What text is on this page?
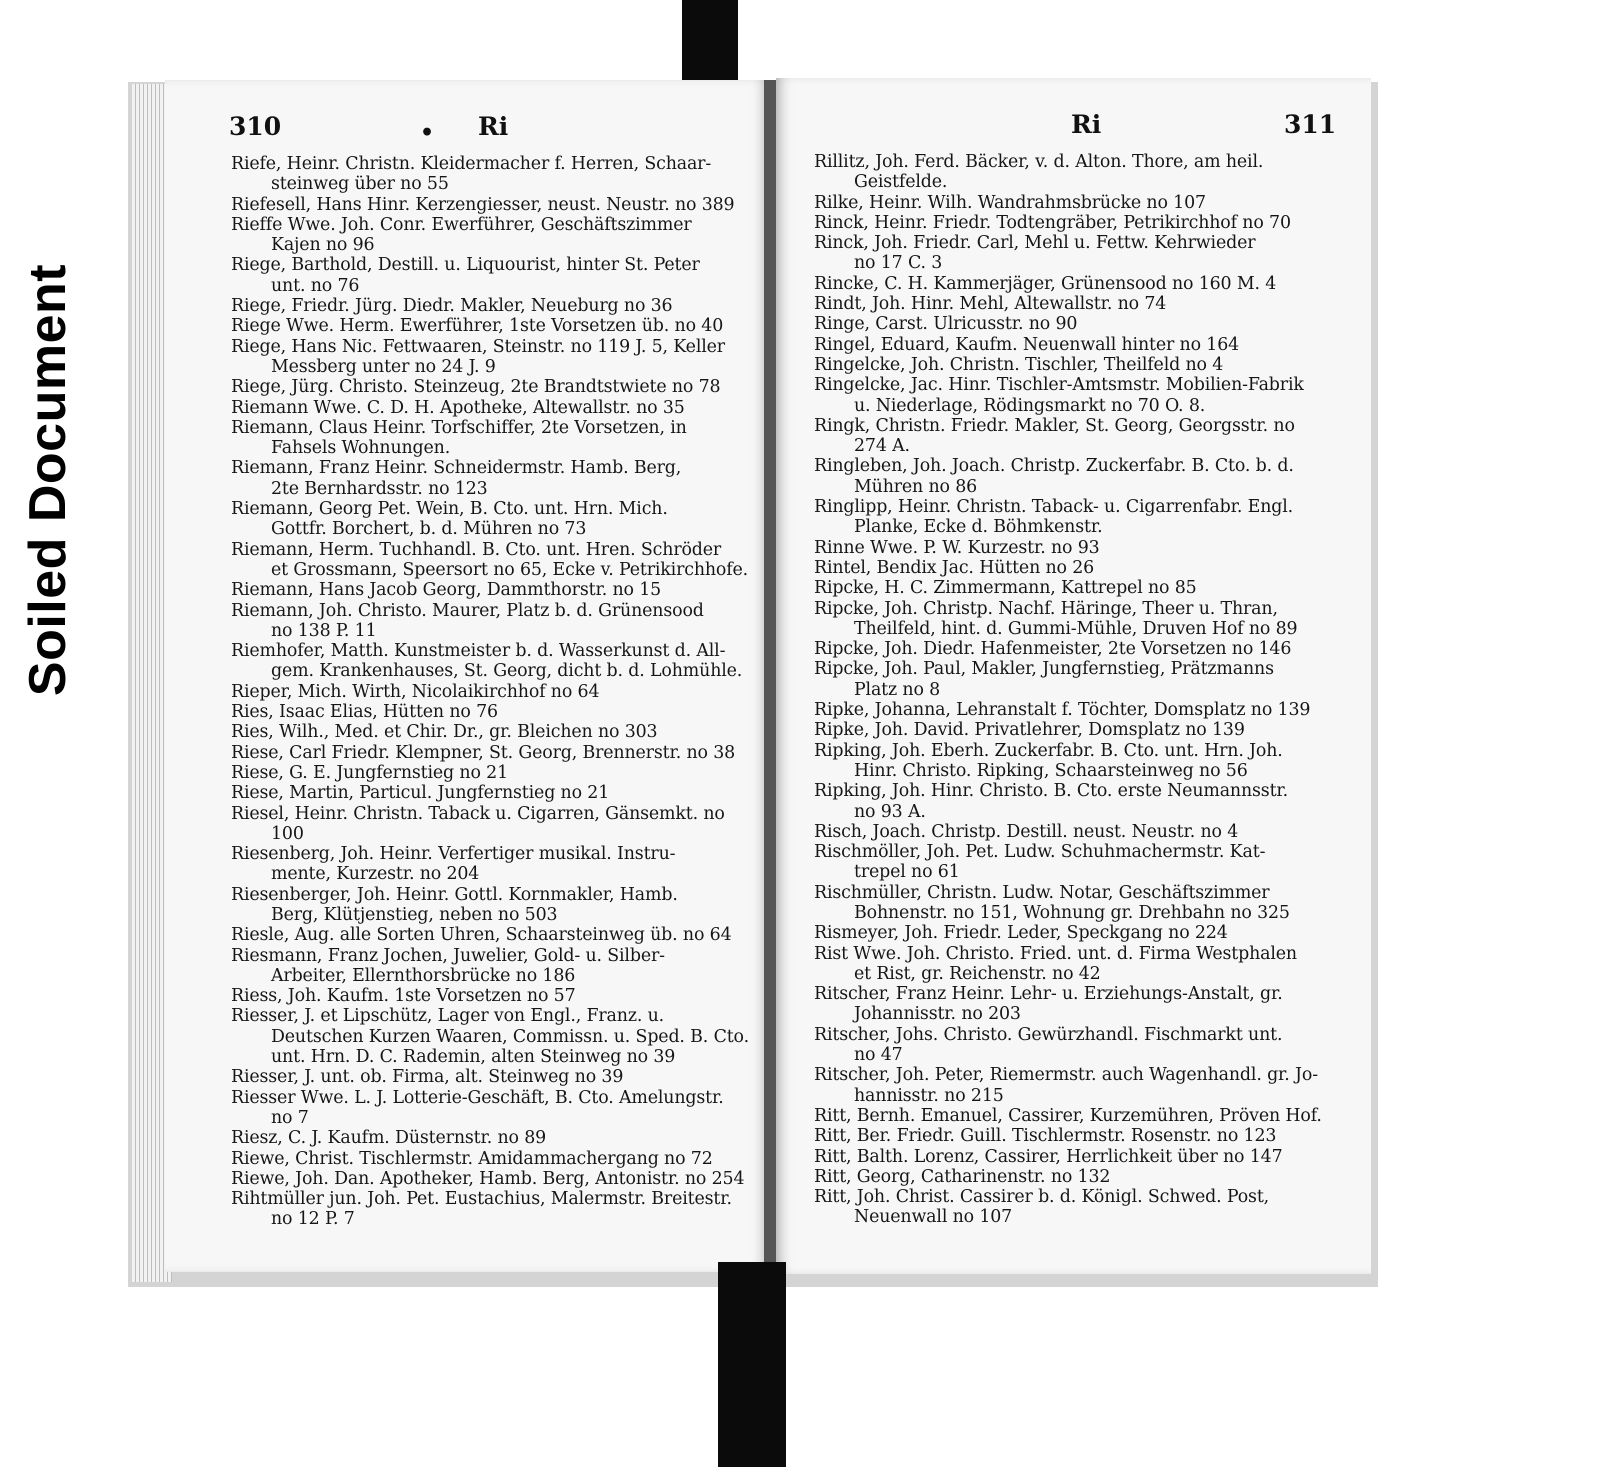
Soiled Document
310	• Ri
Riefe, Heinr. Christn. Kleidermacher f. Herren, Schaar-
steinweg über no 55
Riefesell, Hans Hinr. Kerzengiesser, neust. Neustr. no 389
Rieffe Wwe. Joh. Conr. Ewerführer, Geschäftszimmer
Kajen no 96
Riege, Barthold, Destill. u. Liquourist, hinter St. Peter
unt. no 76
Riege, Friedr. Jürg. Diedr. Makler, Neueburg no 36
Riege Wwe. Herm. Ewerführer, 1ste Vorsetzen üb. no 40
Riege, Hans Nic. Fettwaaren, Steinstr. no 119 J. 5, Keller
Messberg unter no 24 J. 9
Riege, Jürg. Christo. Steinzeug, 2te Brandtstwiete no 78
Riemann Wwe. C. D. H. Apotheke, Altewallstr. no 35
Riemann, Claus Heinr. Torfschiffer, 2te Vorsetzen, in
Fahsels Wohnungen.
Riemann, Franz Heinr. Schneidermstr. Hamb. Berg,
2te Bernhardsstr. no 123
Riemann, Georg Pet. Wein, B. Cto. unt. Hrn. Mich.
Gottfr. Borchert, b. d. Mühren no 73
Riemann, Herm. Tuchhandl. B. Cto. unt. Hren. Schröder
et Grossmann, Speersort no 65, Ecke v. Petrikirchhofe.
Riemann, Hans Jacob Georg, Dammthorstr. no 15
Riemann, Joh. Christo. Maurer, Platz b. d. Grünensood
no 138 P. 11
Riemhofer, Matth. Kunstmeister b. d. Wasserkunst d. All-
gem. Krankenhauses, St. Georg, dicht b. d. Lohmühle.
Rieper, Mich. Wirth, Nicolaikirchhof no 64
Ries, Isaac Elias, Hütten no 76
Ries, Wilh., Med. et Chir. Dr., gr. Bleichen no 303
Riese, Carl Friedr. Klempner, St. Georg, Brennerstr. no 38
Riese, G. E. Jungfernstieg no 21
Riese, Martin, Particul. Jungfernstieg no 21
Riesel, Heinr. Christn. Taback u. Cigarren, Gänsemkt. no 100
Riesenberg, Joh. Heinr. Verfertiger musikal. Instru-
mente, Kurzestr. no 204
Riesenberger, Joh. Heinr. Gottl. Kornmakler, Hamb.
Berg, Klütjenstieg, neben no 503
Riesle, Aug. alle Sorten Uhren, Schaarsteinweg üb. no 64
Riesmann, Franz Jochen, Juwelier, Gold- u. Silber-
Arbeiter, Ellernthorsbrücke no 186
Riess, Joh. Kaufm. 1ste Vorsetzen no 57
Riesser, J. et Lipschütz, Lager von Engl., Franz. u.
Deutschen Kurzen Waaren, Commissn. u. Sped. B. Cto.
unt. Hrn. D. C. Rademin, alten Steinweg no 39
Riesser, J. unt. ob. Firma, alt. Steinweg no 39
Riesser Wwe. L. J. Lotterie-Geschäft, B. Cto. Amelungstr.
no 7
Riesz, C. J. Kaufm. Düsternstr. no 89
Riewe, Christ. Tischlermstr. Amidammachergang no 72
Riewe, Joh. Dan. Apotheker, Hamb. Berg, Antonistr. no 254
Rihtmüller jun. Joh. Pet. Eustachius, Malermstr. Breitestr.
no 12 P. 7
Ri	311
Rillitz, Joh. Ferd. Bäcker, v. d. Alton. Thore, am heil.
Geistfelde.
Rilke, Heinr. Wilh. Wandrahmsbrücke no 107
Rinck, Heinr. Friedr. Todtengräber, Petrikirchhof no 70
Rinck, Joh. Friedr. Carl, Mehl u. Fettw. Kehrwieder
no 17 C. 3
Rincke, C. H. Kammerjäger, Grünensood no 160 M. 4
Rindt, Joh. Hinr. Mehl, Altewallstr. no 74
Ringe, Carst. Ulricusstr. no 90
Ringel, Eduard, Kaufm. Neuenwall hinter no 164
Ringelcke, Joh. Christn. Tischler, Theilfeld no 4
Ringelcke, Jac. Hinr. Tischler-Amtsmstr. Mobilien-Fabrik
u. Niederlage, Rödingsmarkt no 70 O. 8.
Ringk, Christn. Friedr. Makler, St. Georg, Georgsstr. no 274 A.
Ringleben, Joh. Joach. Christp. Zuckerfabr. B. Cto. b. d.
Mühren no 86
Ringlipp, Heinr. Christn. Taback- u. Cigarrenfabr. Engl.
Planke, Ecke d. Böhmkenstr.
Rinne Wwe. P. W. Kurzestr. no 93
Rintel, Bendix Jac. Hütten no 26
Ripcke, H. C. Zimmermann, Kattrepel no 85
Ripcke, Joh. Christp. Nachf. Häringe, Theer u. Thran,
Theilfeld, hint. d. Gummi-Mühle, Druven Hof no 89
Ripcke, Joh. Diedr. Hafenmeister, 2te Vorsetzen no 146
Ripcke, Joh. Paul, Makler, Jungfernstieg, Prätzmanns
Platz no 8
Ripke, Johanna, Lehranstalt f. Töchter, Domsplatz no 139
Ripke, Joh. David. Privatlehrer, Domsplatz no 139
Ripking, Joh. Eberh. Zuckerfabr. B. Cto. unt. Hrn. Joh.
Hinr. Christo. Ripking, Schaarsteinweg no 56
Ripking, Joh. Hinr. Christo. B. Cto. erste Neumannsstr.
no 93 A.
Risch, Joach. Christp. Destill. neust. Neustr. no 4
Rischmöller, Joh. Pet. Ludw. Schuhmachermstr. Kat-
trepel no 61
Rischmüller, Christn. Ludw. Notar, Geschäftszimmer
Bohnenstr. no 151, Wohnung gr. Drehbahn no 325
Rismeyer, Joh. Friedr. Leder, Speckgang no 224
Rist Wwe. Joh. Christo. Fried. unt. d. Firma Westphalen
et Rist, gr. Reichenstr. no 42
Ritscher, Franz Heinr. Lehr- u. Erziehungs-Anstalt, gr.
Johannisstr. no 203
Ritscher, Johs. Christo. Gewürzhandl. Fischmarkt unt.
no 47
Ritscher, Joh. Peter, Riemermstr. auch Wagenhandl. gr. Jo-
hannisstr. no 215
Ritt, Bernh. Emanuel, Cassirer, Kurzemühren, Pröven Hof.
Ritt, Ber. Friedr. Guill. Tischlermstr. Rosenstr. no 123
Ritt, Balth. Lorenz, Cassirer, Herrlichkeit über no 147
Ritt, Georg, Catharinenstr. no 132
Ritt, Joh. Christ. Cassirer b. d. Königl. Schwed. Post,
Neuenwall no 107
